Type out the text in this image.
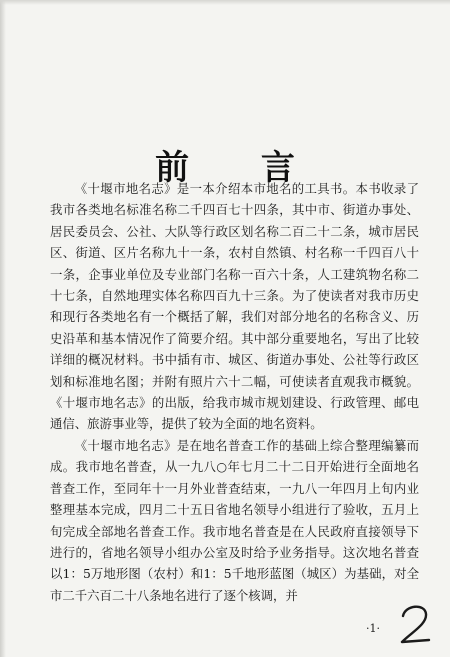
前 言

《十堰市地名志》是一本介绍本市地名的工具书。本书收录了我市各类地名标准名称二千四百七十四条，其中市、街道办事处、居民委员会、公社、大队等行政区划名称二百二十二条，城市居民区、街道、区片名称九十一条，农村自然镇、村名称一千四百八十一条，企事业单位及专业部门名称一百六十条，人工建筑物名称二十七条，自然地理实体名称四百九十三条。为了使读者对我市历史和现行各类地名有一个概括了解，我们对部分地名的名称含义、历史沿革和基本情况作了简要介绍。其中部分重要地名，写出了比较详细的概况材料。书中插有市、城区、街道办事处、公社等行政区划和标准地名图；并附有照片六十二幅，可使读者直观我市概貌。《十堰市地名志》的出版，给我市城市规划建设、行政管理、邮电通信、旅游事业等，提供了较为全面的地名资料。

《十堰市地名志》是在地名普查工作的基础上综合整理编纂而成。我市地名普查，从一九八○年七月二十二日开始进行全面地名普查工作，至同年十一月外业普查结束，一九八一年四月上旬内业整理基本完成，四月二十五日省地名领导小组进行了验收，五月上旬完成全部地名普查工作。我市地名普查是在人民政府直接领导下进行的，省地名领导小组办公室及时给予业务指导。这次地名普查以1：5万地形图（农村）和1：5千地形蓝图（城区）为基础，对全市二千六百二十八条地名进行了逐个核调，并

·1·
